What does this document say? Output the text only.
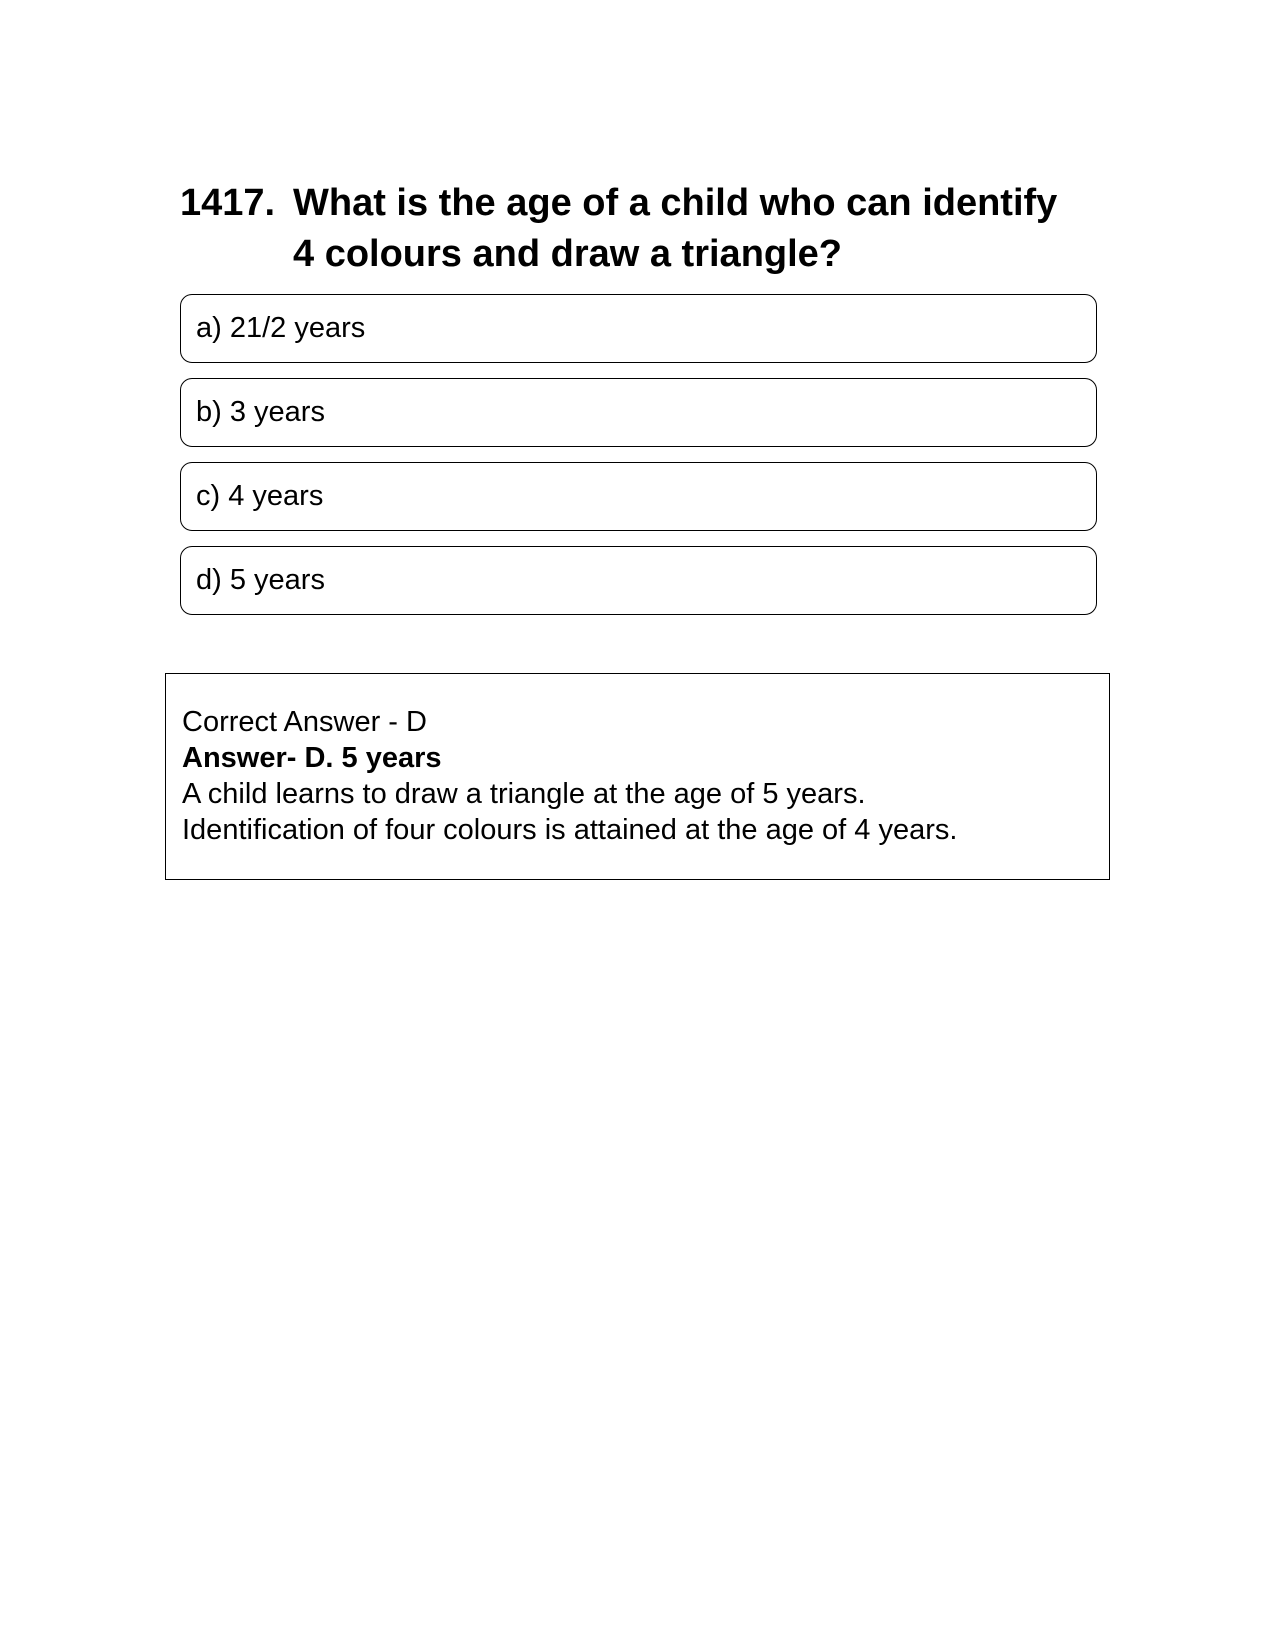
1417. What is the age of a child who can identify 4 colours and draw a triangle?
a) 21/2 years
b) 3 years
c) 4 years
d) 5 years
Correct Answer - D
Answer- D. 5 years
A child learns to draw a triangle at the age of 5 years.
Identification of four colours is attained at the age of 4 years.
